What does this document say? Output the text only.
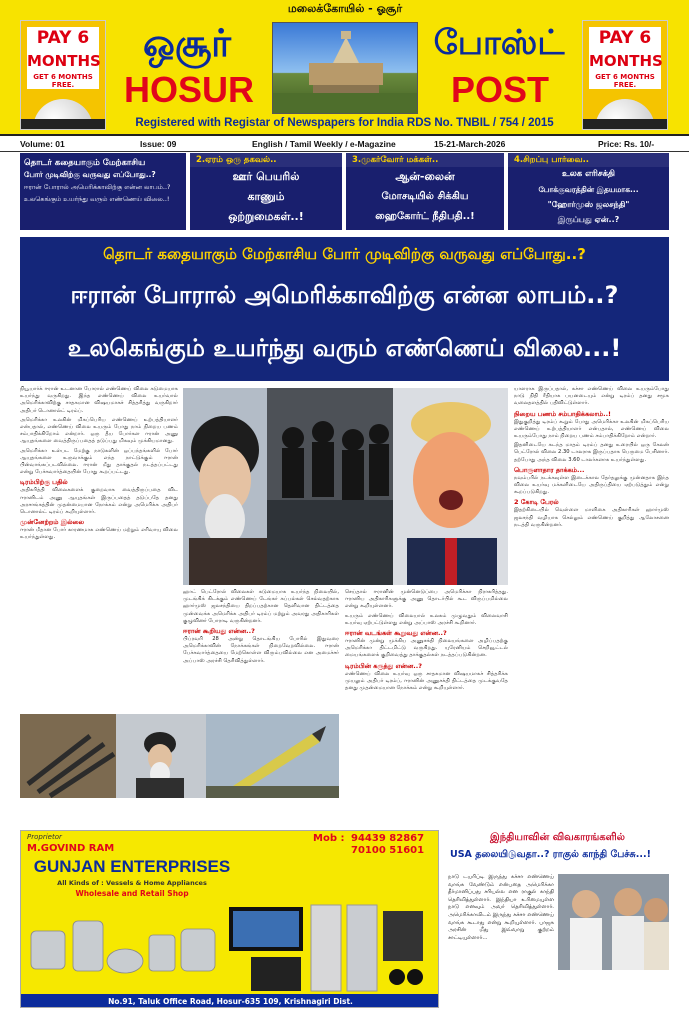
PAY 6
MONTHS
GET 6 MONTHS FREE.
PAY 6
MONTHS
GET 6 MONTHS FREE.
மலைக்கோயில் - ஓசூர்
ஒசூர்	போஸ்ட்
HOSUR	POST
Registered with Registar of Newspapers for India RDS No. TNBIL / 754 / 2015
Volume: 01	Issue: 09	English / Tamil Weekly / e-Magazine	15-21-March-2026	Price: Rs. 10/-
தொடர் கதையாகும் மேற்காசிய
போர் முடிவிற்கு வருவது எப்போது..?
ஈரான் போரால் அமெரிக்காவிற்கு என்ன லாபம்..?
உலகெங்கும் உயர்ந்து வரும் எண்ணெய் விலை..!
2.ஏரம் ஒரு தகவல்..
ஊர் பெயரில்
காணும்
ஒற்றுமைகள்..!
3.முகர்வோர் மக்கள்..
ஆன்-லைன்
மோசடியில் சிக்கிய
ஹைகோர்ட் நீதிபதி..!
4.சிறப்பு பார்வை..
உலக எரிசக்தி
போக்குவரத்தின் இதயமாக...
"ஹோர்முஸ் ஜலசந்தி"
இருப்பது ஏன்..?
தொடர் கதையாகும் மேற்காசிய போர் முடிவிற்கு வருவது எப்போது..?
ஈரான் போரால் அமெரிக்காவிற்கு என்ன லாபம்..?
உலகெங்கும் உயர்ந்து வரும் எண்ணெய் விலை...!

நியூயார்க் ஈரான் உடனான போரால் எண்ணெய் விலை கடுமையாக உயர்ந்து வருகிறது. இந்த எண்ணெய் விலை உயர்வால் அமெரிக்காவிற்கு சாதகமான விஷயமாகச் சித்தரித்து வருகிறார் அதிபர் டொனால்ட் டிரம்ப்.

அமெரிக்கா உலகின் மிகப்பெரிய எண்ணெய் உற்பத்தியாளர் என்பதால், எண்ணெய் விலை உயரும் போது நாம் நிறைய பணம் சம்பாதிக்கிறோம் என்றார். ஒரு தீய போர்கள ஈரான் அணு ஆயுதங்களை வைத்திருப்பதைத் தடுப்பது மிகவும் முக்கியமானது.

அமெரிக்கா உள்பட மேற்கு நாடுகளின் ஒப்பந்தங்களில் போர் ஆயுதங்களை உருவாக்கும் எந்த நாட்டுக்கும் ஈரான் பின்வாங்கப்படவில்லை. ஈரான் மீது தாக்குதல் நடத்தப்பட்டது என்று பேச்சுவார்த்தையின் போது கூறப்பட்டது.

டிரம்பிற்கு பதில்

அதிகரித்தி விலைகளைக் குறைவாக வைத்திருப்பதை விட ஈரானிடம் அணு ஆயுதங்கள் இருப்பதைத் தடுப்பதே தனது அரசாங்கத்தின் முதன்மையான நோக்கம் என்று அமெரிக்க அதிபர் டொனால்ட் டிரம்ப் கூறியுள்ளார்.

முன்னேற்றம் இல்லை

ஈரான் மீதான போர் காரணமாக எண்ணெய் மற்றும் எரிவாயு விலை உயர்ந்துள்ளது.

ஹாட் பெட்ரோல் விலைகள் கடுமையாக உயர்ந்த நிலையில், முடங்கிக் கிடக்கும் எண்ணெய் டேங்கர் கப்பல்கள் செல்வதற்காக ஹார்முஸ் ஜலசந்தியை திறப்பதற்கான தெளிவான திட்டத்தை முன்வைக்க அமெரிக்க அதிபர் டிரம்ப் மற்றும் அவரது அதிகாரிகள் குழுவினர் போராடி வருகின்றனர்.

ஈரான் கூறியது என்ன..?

பிப்ரவரி 28 அன்று தொடங்கிய போரில் இதுவரை அமெரிக்காவின் நோக்கங்கள் நிறைவேறவில்லை. ஈரான் பேச்சுவார்த்தையை மேற்கொள்ள விரும்பவில்லை என அமைச்சர் அப்பாஸ் அரச்சி தெரிவித்துள்ளார்.

செய்தால் ஈரானின் முன்னெடுப்பை அமெரிக்கா நிராகரித்தது. ஈரானிய அதிகாரிகளுக்கு அணு தொடர்பில் கூட விருப்பமில்லை என்று கூறியுள்ளனர்.

உயரும் எண்ணெய் விலையால் உலகம் முழுவதும் விலைவாசி உயர்வு ஏற்பட்டுள்ளது என்று அப்பாஸ் அரச்சி கூறினார்.

ஈரான் வடங்கள் கூறுவது என்ன..?

ஈரானின் முன்று முக்கிய அணுசக்தி நிலையங்களை அழிப்பதற்கு அமெரிக்கா திட்டமிட்டு வருகிறது. யுரேனியம் செறிவூட்டல் மையங்களைக் குறிவைத்து தாக்குதல்கள் நடத்தப்படுகின்றன.

டிரம்பின் கருத்து என்ன..?

எண்ணெய் விலை உயர்வு ஒரு சாதகமான விஷயமாகச் சித்தரிக்க முயலும் அதிபர் டிரம்ப், ஈரானின் அணுசக்தி திட்டத்தை முடக்குவதே தனது முதன்மையான நோக்கம் என்று கூறியுள்ளார்.

யாளராக இருப்பதால், கச்சா எண்ணெய் விலை உயரும்போது நாடு நிதி ரீதியாக பயனடையும் என்று டிரம்ப் தனது சமூக வலைதளத்தில் பதிவிட்டுள்ளார்.

நிறைய பணம் சம்பாதிக்கலாம்..!

இதுகுறித்து டிரம்ப் கூறும் போது அமெரிக்கா உலகின் மிகப்பெரிய எண்ணெய் உற்பத்தியாளர் என்பதால், எண்ணெய் விலை உயரும்போது நாம் நிறைய பணம் சம்பாதிக்கிறோம் என்றார்.

இதனிடையே கடந்த மாதம் டிரம்ப் தனது உரையில் ஒரு கேலன் பெட்ரோல் விலை 2.30 டாலராக இருப்பதாக பெருமை பேசினார். தற்போது அந்த விலை 3.60 டாலர்களாக உயர்ந்துள்ளது.

பொருளாதார தாக்கம்...

நவம்பரில் நடக்கவுள்ள இடைக்கால தேர்தலுக்கு முன்னதாக இந்த விலை உயர்வு மக்களிடையே அதிருப்தியை ஏற்படுத்தும் என்று கூறப்படுகிறது.

2 கோடி பேரல்

இதற்கிடையில் வெள்ளை மாளிகை அதிகாரிகள் ஹார்முஸ் ஜலசந்தி வழியாக செல்லும் எண்ணெய் குறித்து ஆலோசனை நடத்தி வருகின்றனர்.

Proprietor
M.GOVIND RAM
Mob : 94439 82867
70100 51601
GUNJAN ENTERPRISES
All Kinds of : Vessels & Home Appliances
Wholesale and Retail Shop
No.91, Taluk Office Road, Hosur-635 109, Krishnagiri Dist.
இந்தியாவின் விவகாரங்களில்
USA தலையிடுவதா..? ராகுல் காந்தி பேச்சு...!
நாடு டயரிப்டி இருந்து கச்சா எண்ணெய் வாங்க வேண்டும் என்பதை அமெரிக்கா தீர்மானிப்பது சரியல்ல என ராகுல் காந்தி தெரிவித்துள்ளார். இந்தியா உரிமையுள்ள நாடு எனவும் அவர் தெரிவித்துள்ளார். அமெரிக்காவிடம் இருந்து கச்சா எண்ணெய் வாங்க கூடாது என்று கூறியுள்ளார். பாஜக அரசின் மீது இவ்வாறு குற்றம் சாட்டியுள்ளார்...
